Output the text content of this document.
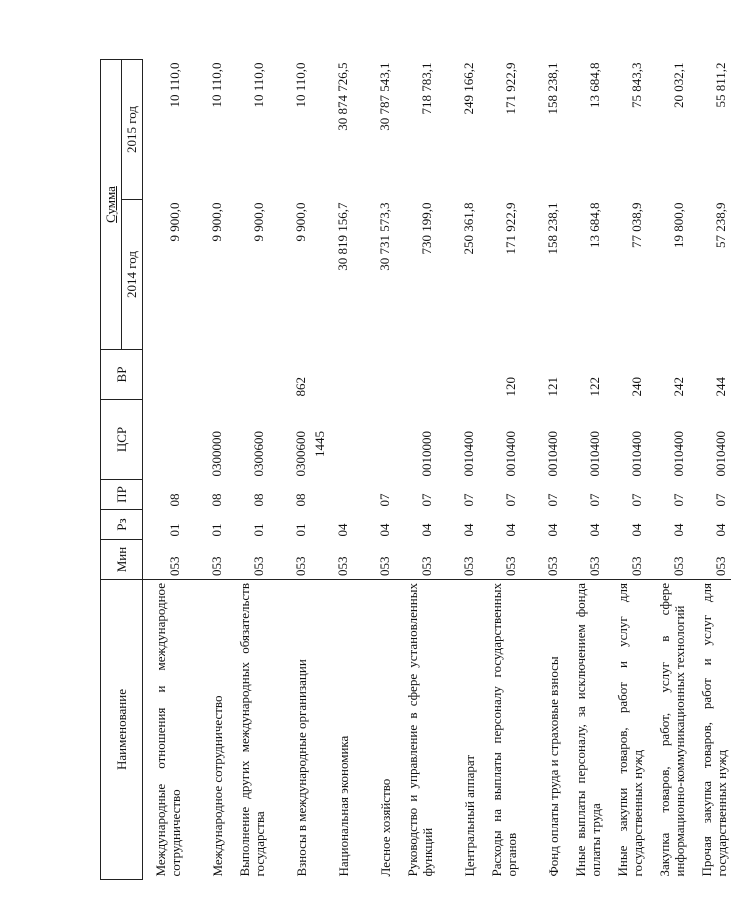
1445
Наименование	Мин	Рз	ПР	ЦСР	ВР	Сумма	
						2014 год	2015 год
Международные отношения и международное сотрудничество	053	01	08			9 900,0	10 110,0
Международное сотрудничество	053	01	08	0300000		9 900,0	10 110,0
Выполнение других международных обязательств государства	053	01	08	0300600		9 900,0	10 110,0
Взносы в международные организации	053	01	08	0300600	862	9 900,0	10 110,0
Национальная экономика	053	04				30 819 156,7	30 874 726,5
Лесное хозяйство	053	04	07			30 731 573,3	30 787 543,1
Руководство и управление в сфере установленных функций	053	04	07	0010000		730 199,0	718 783,1
Центральный аппарат	053	04	07	0010400		250 361,8	249 166,2
Расходы на выплаты персоналу государственных органов	053	04	07	0010400	120	171 922,9	171 922,9
Фонд оплаты труда и страховые взносы	053	04	07	0010400	121	158 238,1	158 238,1
Иные выплаты персоналу, за исключением фонда оплаты труда	053	04	07	0010400	122	13 684,8	13 684,8
Иные закупки товаров, работ и услуг для государственных нужд	053	04	07	0010400	240	77 038,9	75 843,3
Закупка товаров, работ, услуг в сфере информационно-коммуникационных технологий	053	04	07	0010400	242	19 800,0	20 032,1
Прочая закупка товаров, работ и услуг для государственных нужд	053	04	07	0010400	244	57 238,9	55 811,2
